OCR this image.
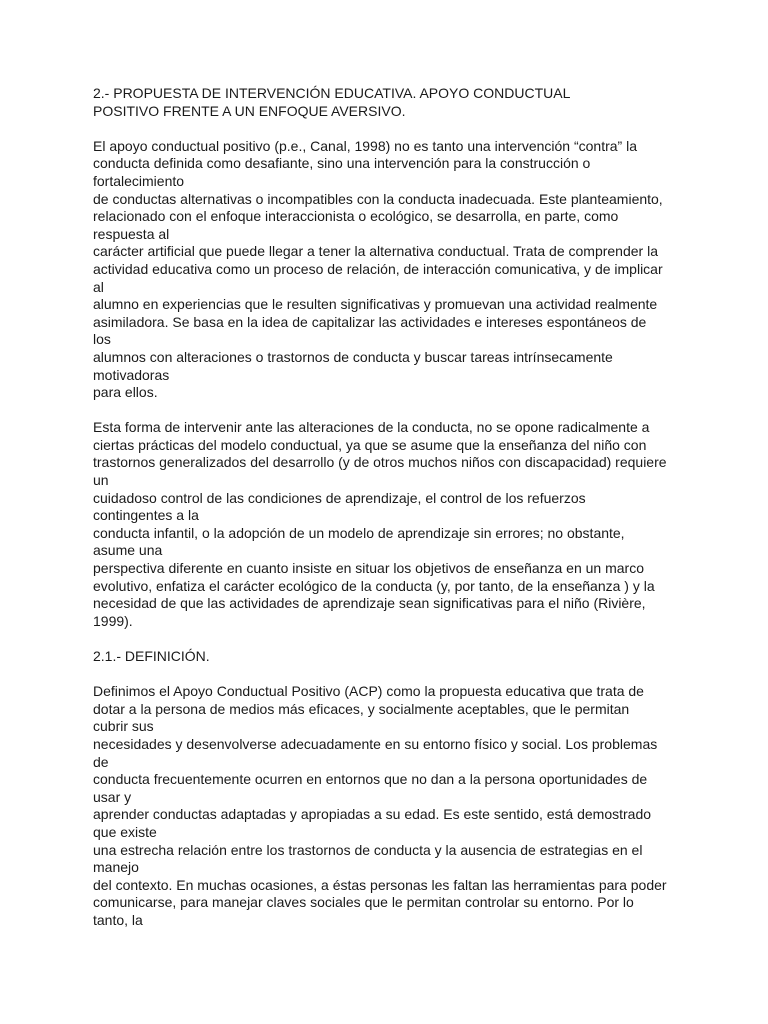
2.- PROPUESTA DE INTERVENCIÓN EDUCATIVA. APOYO CONDUCTUAL
POSITIVO FRENTE A UN ENFOQUE AVERSIVO.
El apoyo conductual positivo (p.e., Canal, 1998) no es tanto una intervención “contra” la
conducta definida como desafiante, sino una intervención para la construcción o
fortalecimiento
de conductas alternativas o incompatibles con la conducta inadecuada. Este planteamiento,
relacionado con el enfoque interaccionista o ecológico, se desarrolla, en parte, como
respuesta al
carácter artificial que puede llegar a tener la alternativa conductual. Trata de comprender la
actividad educativa como un proceso de relación, de interacción comunicativa, y de implicar
al
alumno en experiencias que le resulten significativas y promuevan una actividad realmente
asimiladora. Se basa en la idea de capitalizar las actividades e intereses espontáneos de
los
alumnos con alteraciones o trastornos de conducta y buscar tareas intrínsecamente
motivadoras
para ellos.
Esta forma de intervenir ante las alteraciones de la conducta, no se opone radicalmente a
ciertas prácticas del modelo conductual, ya que se asume que la enseñanza del niño con
trastornos generalizados del desarrollo (y de otros muchos niños con discapacidad) requiere
un
cuidadoso control de las condiciones de aprendizaje, el control de los refuerzos
contingentes a la
conducta infantil, o la adopción de un modelo de aprendizaje sin errores; no obstante,
asume una
perspectiva diferente en cuanto insiste en situar los objetivos de enseñanza en un marco
evolutivo, enfatiza el carácter ecológico de la conducta (y, por tanto, de la enseñanza ) y la
necesidad de que las actividades de aprendizaje sean significativas para el niño (Rivière,
1999).
2.1.- DEFINICIÓN.
Definimos el Apoyo Conductual Positivo (ACP) como la propuesta educativa que trata de
dotar a la persona de medios más eficaces, y socialmente aceptables, que le permitan
cubrir sus
necesidades y desenvolverse adecuadamente en su entorno físico y social. Los problemas
de
conducta frecuentemente ocurren en entornos que no dan a la persona oportunidades de
usar y
aprender conductas adaptadas y apropiadas a su edad. Es este sentido, está demostrado
que existe
una estrecha relación entre los trastornos de conducta y la ausencia de estrategias en el
manejo
del contexto. En muchas ocasiones, a éstas personas les faltan las herramientas para poder
comunicarse, para manejar claves sociales que le permitan controlar su entorno. Por lo
tanto, la
